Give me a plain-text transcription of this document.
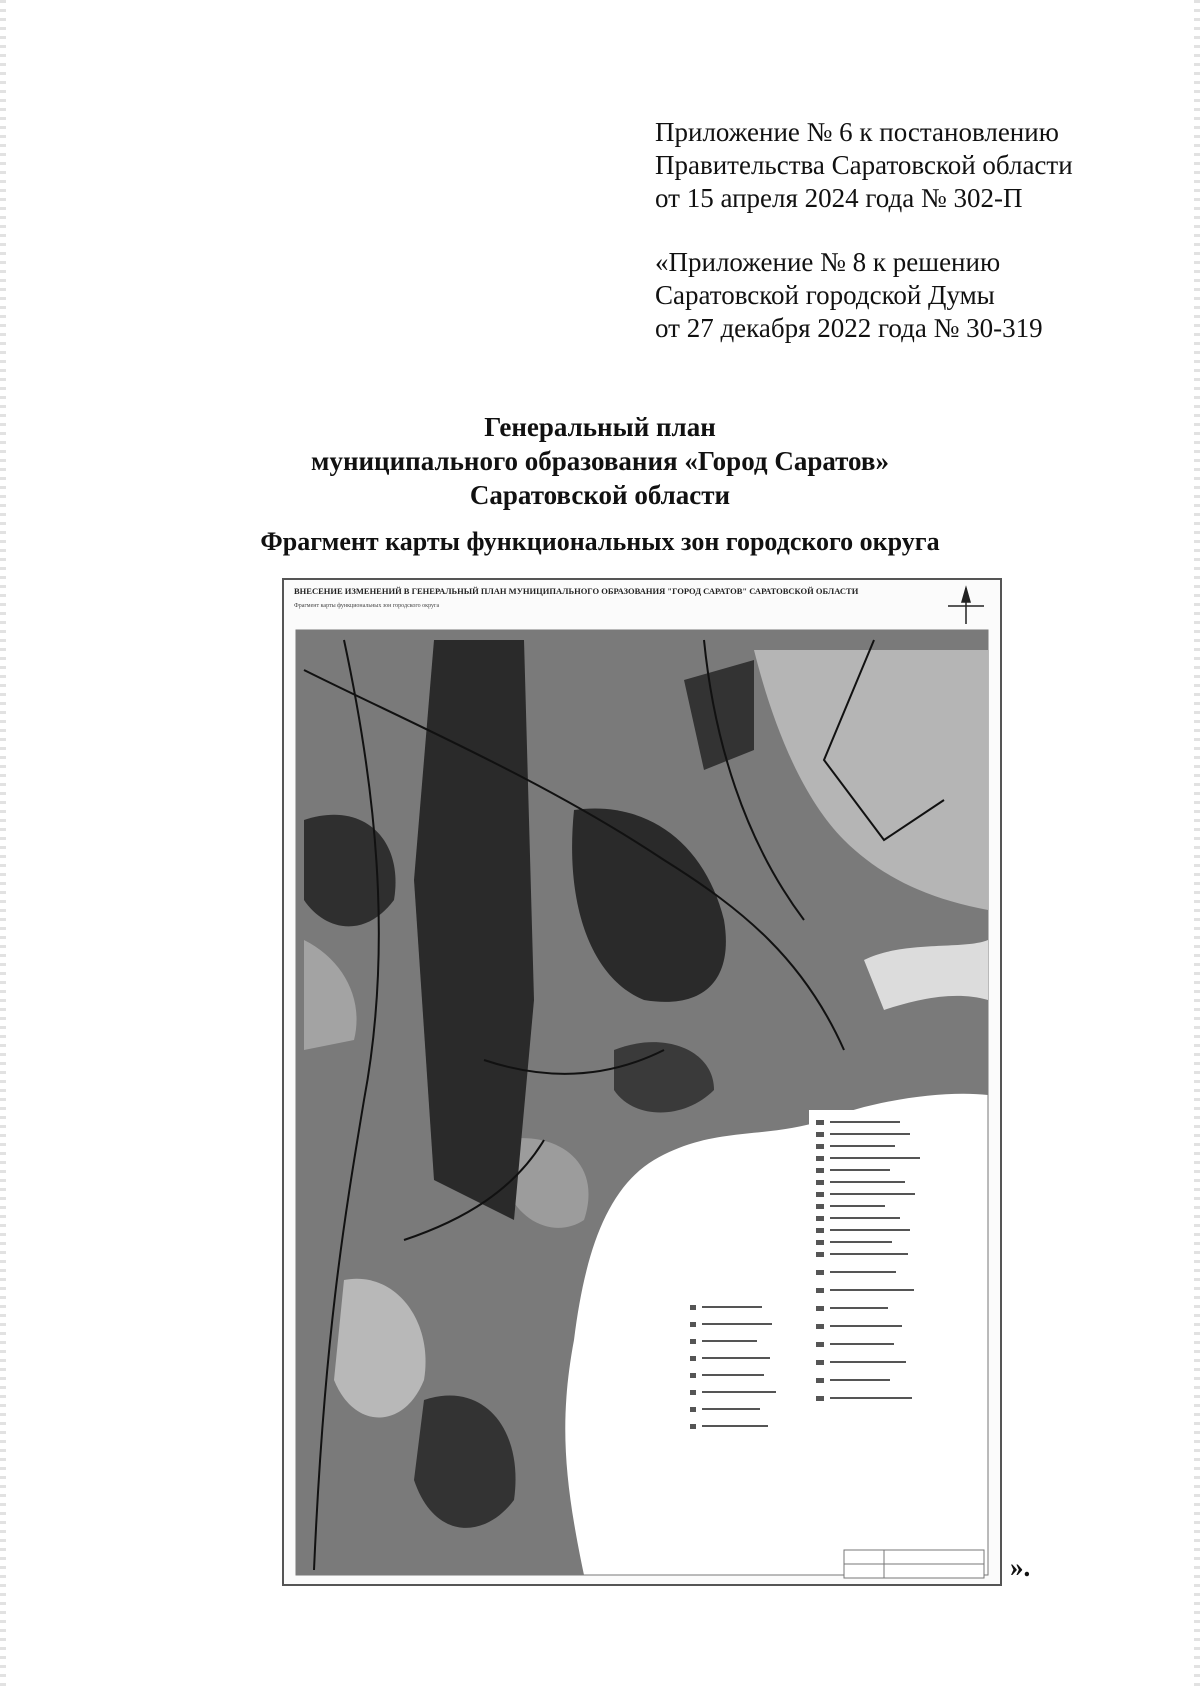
Приложение № 6 к постановлению
Правительства Саратовской области
от 15 апреля 2024 года № 302-П
«Приложение № 8 к решению
Саратовской городской Думы
от 27 декабря 2022 года № 30-319
Генеральный план
муниципального образования «Город Саратов»
Саратовской области
Фрагмент карты функциональных зон городского округа
ВНЕСЕНИЕ ИЗМЕНЕНИЙ В ГЕНЕРАЛЬНЫЙ ПЛАН МУНИЦИПАЛЬНОГО ОБРАЗОВАНИЯ "ГОРОД САРАТОВ" САРАТОВСКОЙ ОБЛАСТИ
Фрагмент карты функциональных зон городского округа
».
